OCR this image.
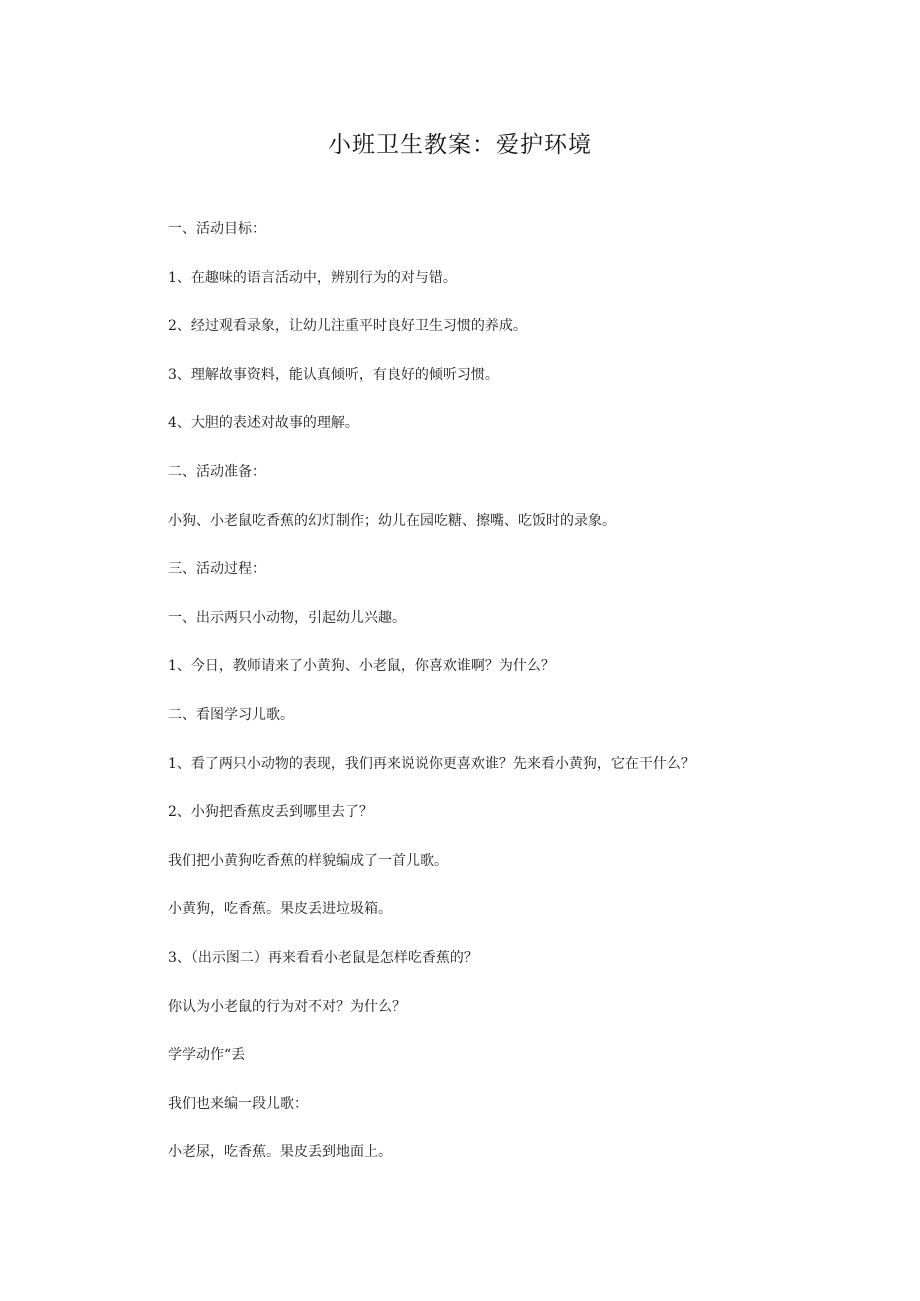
小班卫生教案：爱护环境
一、活动目标：
1、在趣味的语言活动中，辨别行为的对与错。
2、经过观看录象，让幼儿注重平时良好卫生习惯的养成。
3、理解故事资料，能认真倾听，有良好的倾听习惯。
4、大胆的表述对故事的理解。
二、活动准备：
小狗、小老鼠吃香蕉的幻灯制作；幼儿在园吃糖、擦嘴、吃饭时的录象。
三、活动过程：
一、出示两只小动物，引起幼儿兴趣。
1、今日，教师请来了小黄狗、小老鼠，你喜欢谁啊？为什么？
二、看图学习儿歌。
1、看了两只小动物的表现，我们再来说说你更喜欢谁？先来看小黄狗，它在干什么？
2、小狗把香蕉皮丢到哪里去了？
我们把小黄狗吃香蕉的样貌编成了一首儿歌。
小黄狗，吃香蕉。果皮丢进垃圾箱。
3、（出示图二）再来看看小老鼠是怎样吃香蕉的？
你认为小老鼠的行为对不对？为什么？
学学动作“丢
我们也来编一段儿歌：
小老尿，吃香蕉。果皮丢到地面上。
